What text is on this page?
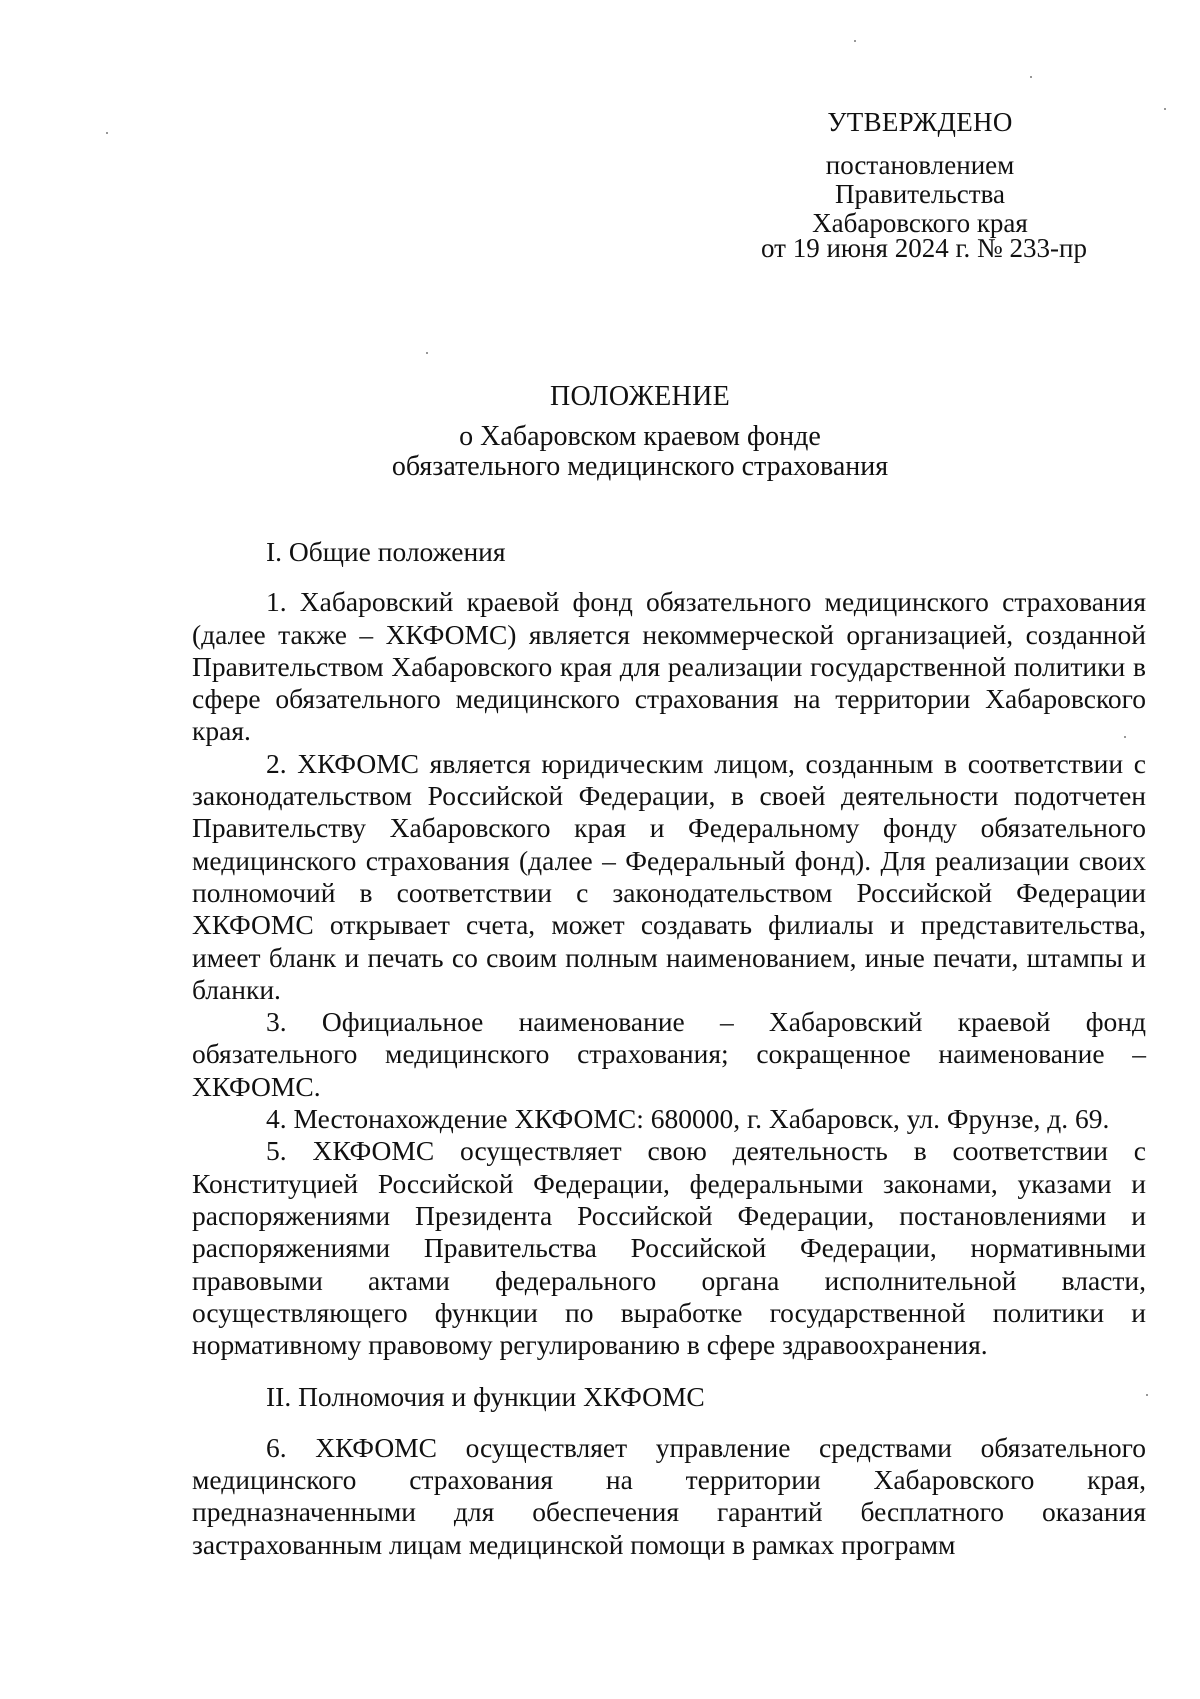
УТВЕРЖДЕНО
постановлением
Правительства
Хабаровского края
от 19 июня 2024 г. № 233-пр
ПОЛОЖЕНИЕ
о Хабаровском краевом фонде
обязательного медицинского страхования

I. Общие положения

1. Хабаровский краевой фонд обязательного медицинского страхования (далее также – ХКФОМС) является некоммерческой организацией, созданной Правительством Хабаровского края для реализации государственной политики в сфере обязательного медицинского страхования на территории Хабаровского края.

2. ХКФОМС является юридическим лицом, созданным в соответствии с законодательством Российской Федерации, в своей деятельности подотчетен Правительству Хабаровского края и Федеральному фонду обязательного медицинского страхования (далее – Федеральный фонд). Для реализации своих полномочий в соответствии с законодательством Российской Федерации ХКФОМС открывает счета, может создавать филиалы и представительства, имеет бланк и печать со своим полным наименованием, иные печати, штампы и бланки.

3. Официальное наименование – Хабаровский краевой фонд обязательного медицинского страхования; сокращенное наименование – ХКФОМС.

4. Местонахождение ХКФОМС: 680000, г. Хабаровск, ул. Фрунзе, д. 69.

5. ХКФОМС осуществляет свою деятельность в соответствии с Конституцией Российской Федерации, федеральными законами, указами и распоряжениями Президента Российской Федерации, постановлениями и распоряжениями Правительства Российской Федерации, нормативными правовыми актами федерального органа исполнительной власти, осуществляющего функции по выработке государственной политики и нормативному правовому регулированию в сфере здравоохранения.

II. Полномочия и функции ХКФОМС

6. ХКФОМС осуществляет управление средствами обязательного медицинского страхования на территории Хабаровского края, предназначенными для обеспечения гарантий бесплатного оказания застрахованным лицам медицинской помощи в рамках программ
